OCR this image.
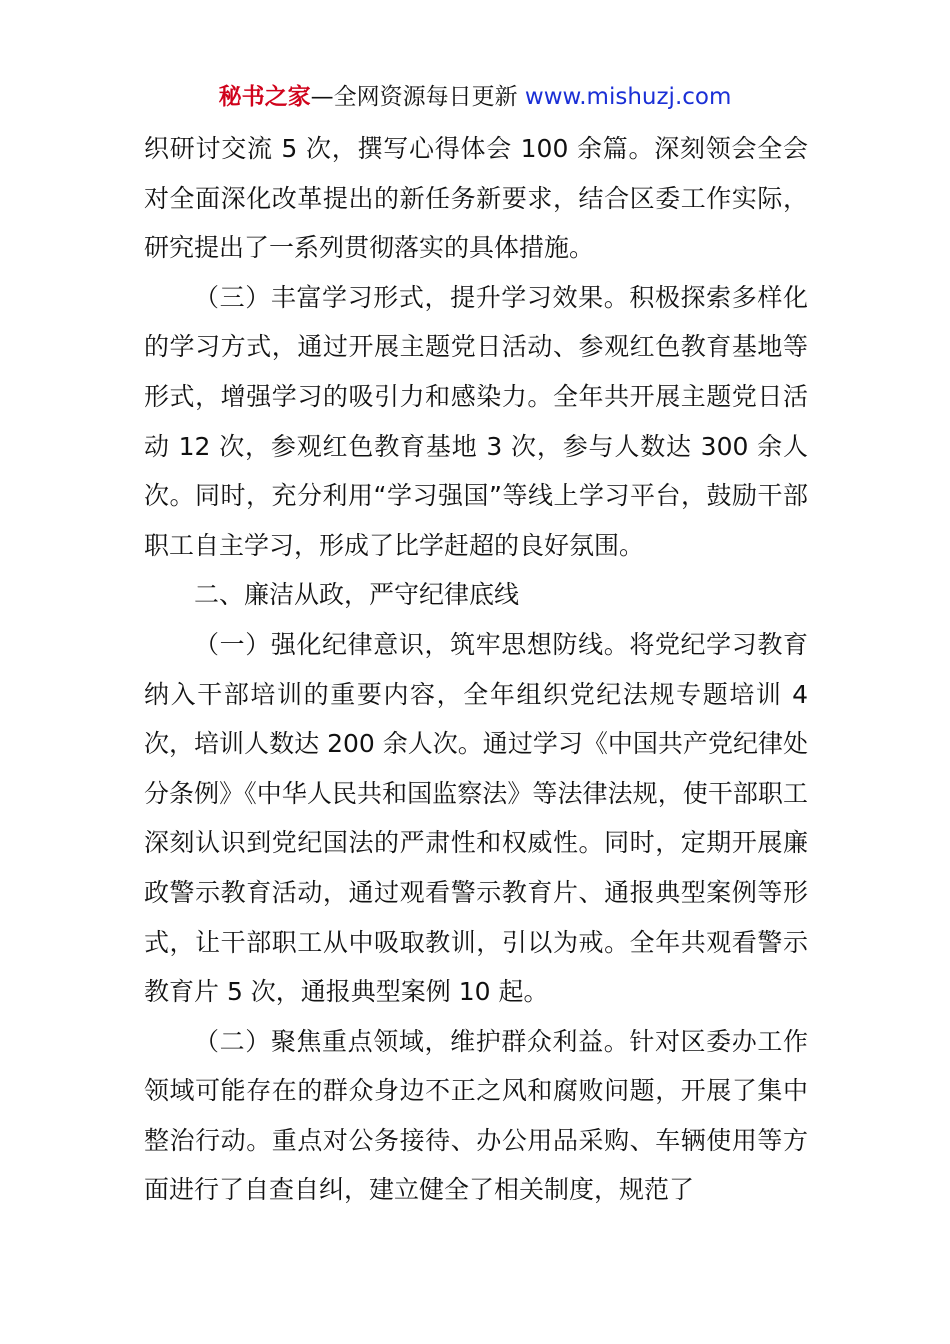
秘书之家—全网资源每日更新 www.mishuzj.com

织研讨交流 5 次，撰写心得体会 100 余篇。深刻领会全会对全面深化改革提出的新任务新要求，结合区委工作实际，研究提出了一系列贯彻落实的具体措施。

（三）丰富学习形式，提升学习效果。积极探索多样化的学习方式，通过开展主题党日活动、参观红色教育基地等形式，增强学习的吸引力和感染力。全年共开展主题党日活动 12 次，参观红色教育基地 3 次，参与人数达 300 余人次。同时，充分利用“学习强国”等线上学习平台，鼓励干部职工自主学习，形成了比学赶超的良好氛围。

二、廉洁从政，严守纪律底线

（一）强化纪律意识，筑牢思想防线。将党纪学习教育纳入干部培训的重要内容，全年组织党纪法规专题培训 4 次，培训人数达 200 余人次。通过学习《中国共产党纪律处分条例》《中华人民共和国监察法》等法律法规，使干部职工深刻认识到党纪国法的严肃性和权威性。同时，定期开展廉政警示教育活动，通过观看警示教育片、通报典型案例等形式，让干部职工从中吸取教训，引以为戒。全年共观看警示教育片 5 次，通报典型案例 10 起。

（二）聚焦重点领域，维护群众利益。针对区委办工作领域可能存在的群众身边不正之风和腐败问题，开展了集中整治行动。重点对公务接待、办公用品采购、车辆使用等方面进行了自查自纠，建立健全了相关制度，规范了
